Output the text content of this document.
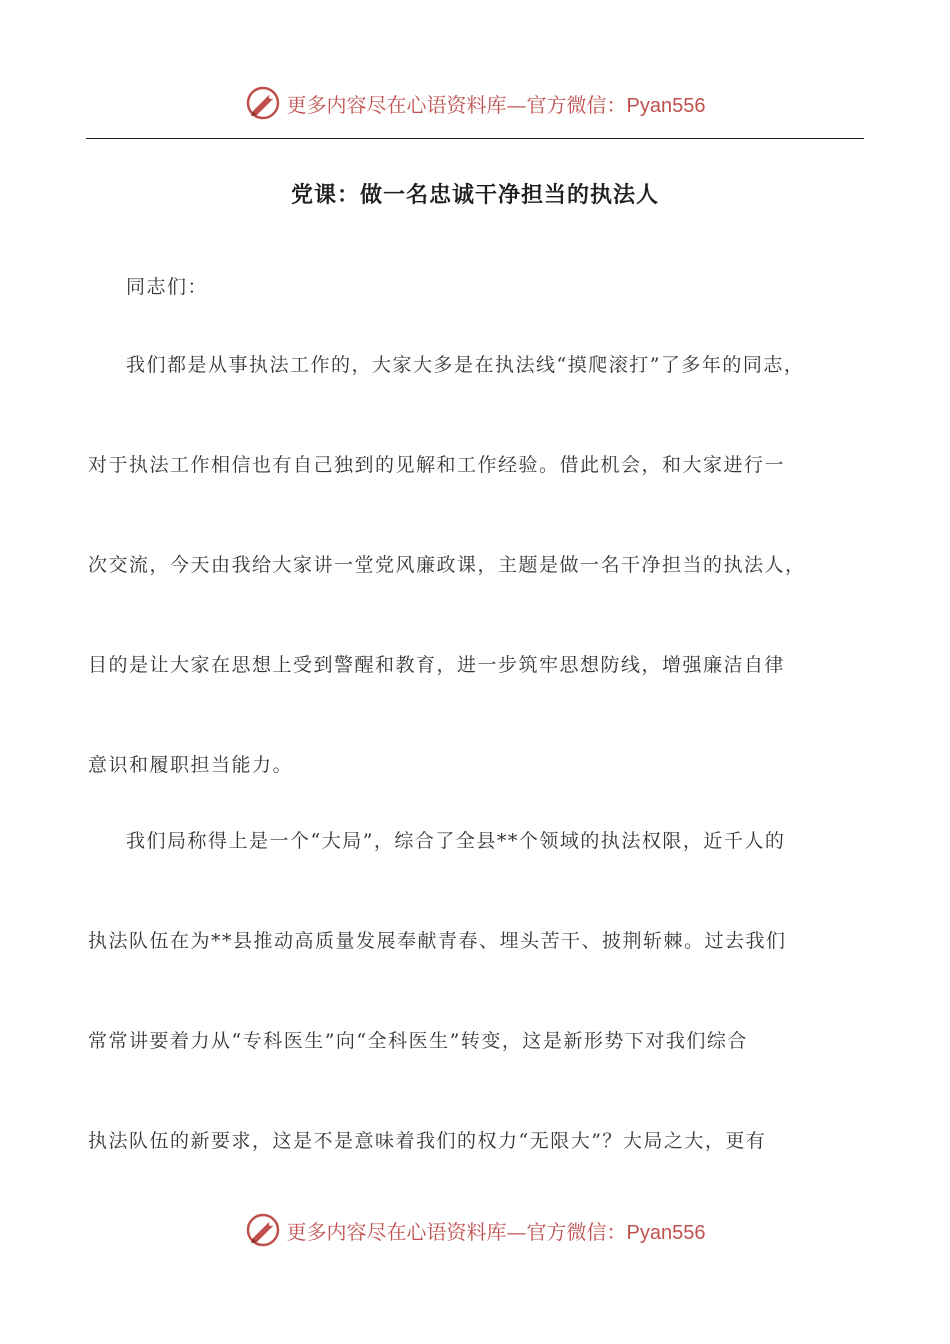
更多内容尽在心语资料库—官方微信：Pyan556
党课：做一名忠诚干净担当的执法人
同志们：
我们都是从事执法工作的，大家大多是在执法线“摸爬滚打”了多年的同志，
对于执法工作相信也有自己独到的见解和工作经验。借此机会，和大家进行一
次交流，今天由我给大家讲一堂党风廉政课，主题是做一名干净担当的执法人，
目的是让大家在思想上受到警醒和教育，进一步筑牢思想防线，增强廉洁自律
意识和履职担当能力。
我们局称得上是一个“大局”，综合了全县**个领域的执法权限，近千人的
执法队伍在为**县推动高质量发展奉献青春、埋头苦干、披荆斩棘。过去我们
常常讲要着力从“专科医生”向“全科医生”转变，这是新形势下对我们综合
执法队伍的新要求，这是不是意味着我们的权力“无限大”？大局之大，更有
更多内容尽在心语资料库—官方微信：Pyan556
